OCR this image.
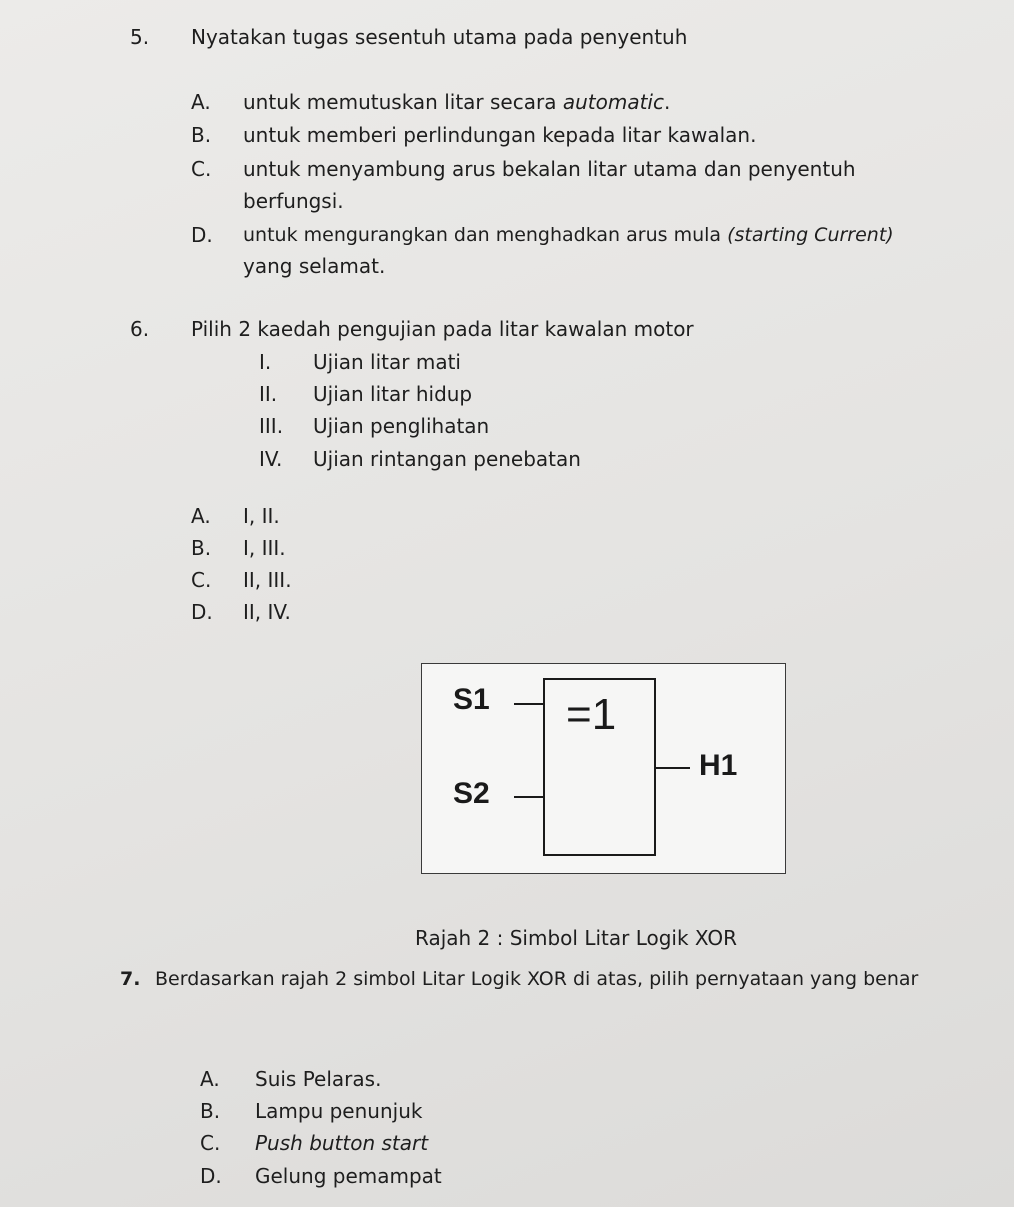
5. Nyatakan tugas sesentuh utama pada penyentuh
A. untuk memutuskan litar secara automatic.
B. untuk memberi perlindungan kepada litar kawalan.
C. untuk menyambung arus bekalan litar utama dan penyentuh
berfungsi.
D. untuk mengurangkan dan menghadkan arus mula (starting Current)
yang selamat.
6. Pilih 2 kaedah pengujian pada litar kawalan motor
I. Ujian litar mati
II. Ujian litar hidup
III. Ujian penglihatan
IV. Ujian rintangan penebatan
A. I, II.
B. I, III.
C. II, III.
D. II, IV.
=1
S1
S2
H1
Rajah 2 : Simbol Litar Logik XOR
7. Berdasarkan rajah 2 simbol Litar Logik XOR di atas, pilih pernyataan yang benar
A. Suis Pelaras.
B. Lampu penunjuk
C. Push button start
D. Gelung pemampat
